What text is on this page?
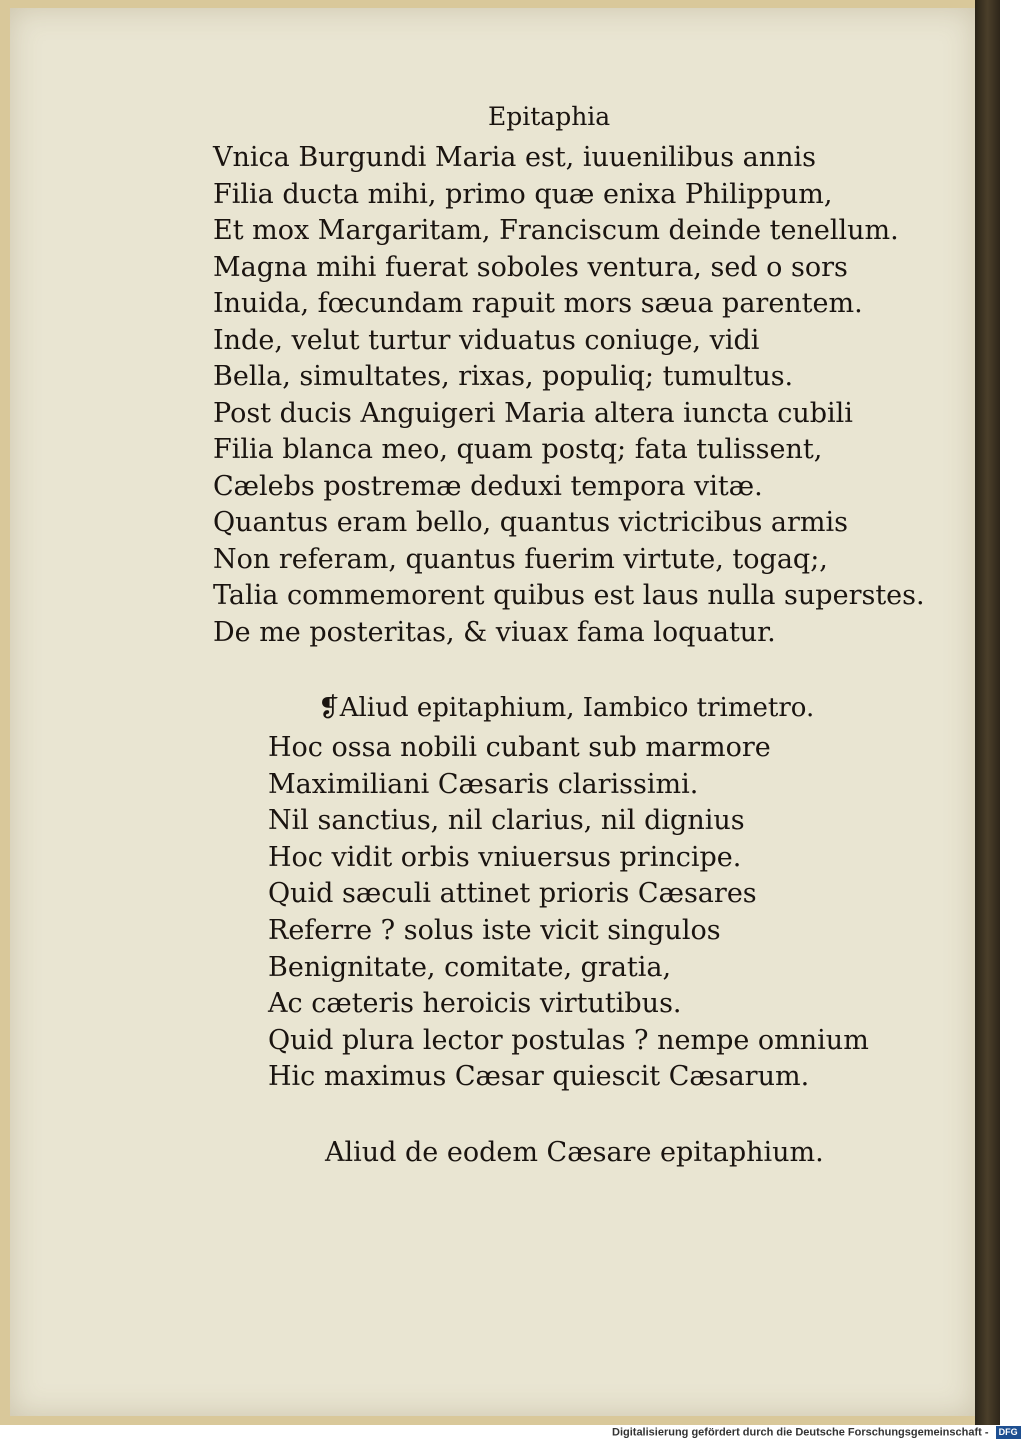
Epitaphia
Vnica Burgundi Maria est, iuuenilibus annis
Filia ducta mihi, primo quæ enixa Philippum,
Et mox Margaritam, Franciscum deinde tenellum.
Magna mihi fuerat soboles ventura, sed o sors
Inuida, fœcundam rapuit mors sæua parentem.
Inde, velut turtur viduatus coniuge, vidi
Bella, simultates, rixas, populiq; tumultus.
Post ducis Anguigeri Maria altera iuncta cubili
Filia blanca meo, quam postq; fata tulissent,
Cælebs postremæ deduxi tempora vitæ.
Quantus eram bello, quantus victricibus armis
Non referam, quantus fuerim virtute, togaq;,
Talia commemorent quibus est laus nulla superstes.
De me posteritas, & viuax fama loquatur.
❡Aliud epitaphium, Iambico trimetro.
Hoc ossa nobili cubant sub marmore
Maximiliani Cæsaris clarissimi.
Nil sanctius, nil clarius, nil dignius
Hoc vidit orbis vniuersus principe.
Quid sæculi attinet prioris Cæsares
Referre ? solus iste vicit singulos
Benignitate, comitate, gratia,
Ac cæteris heroicis virtutibus.
Quid plura lector postulas ? nempe omnium
Hic maximus Cæsar quiescit Cæsarum.
Aliud de eodem Cæsare epitaphium.
Digitalisierung gefördert durch die Deutsche Forschungsgemeinschaft - DFG
